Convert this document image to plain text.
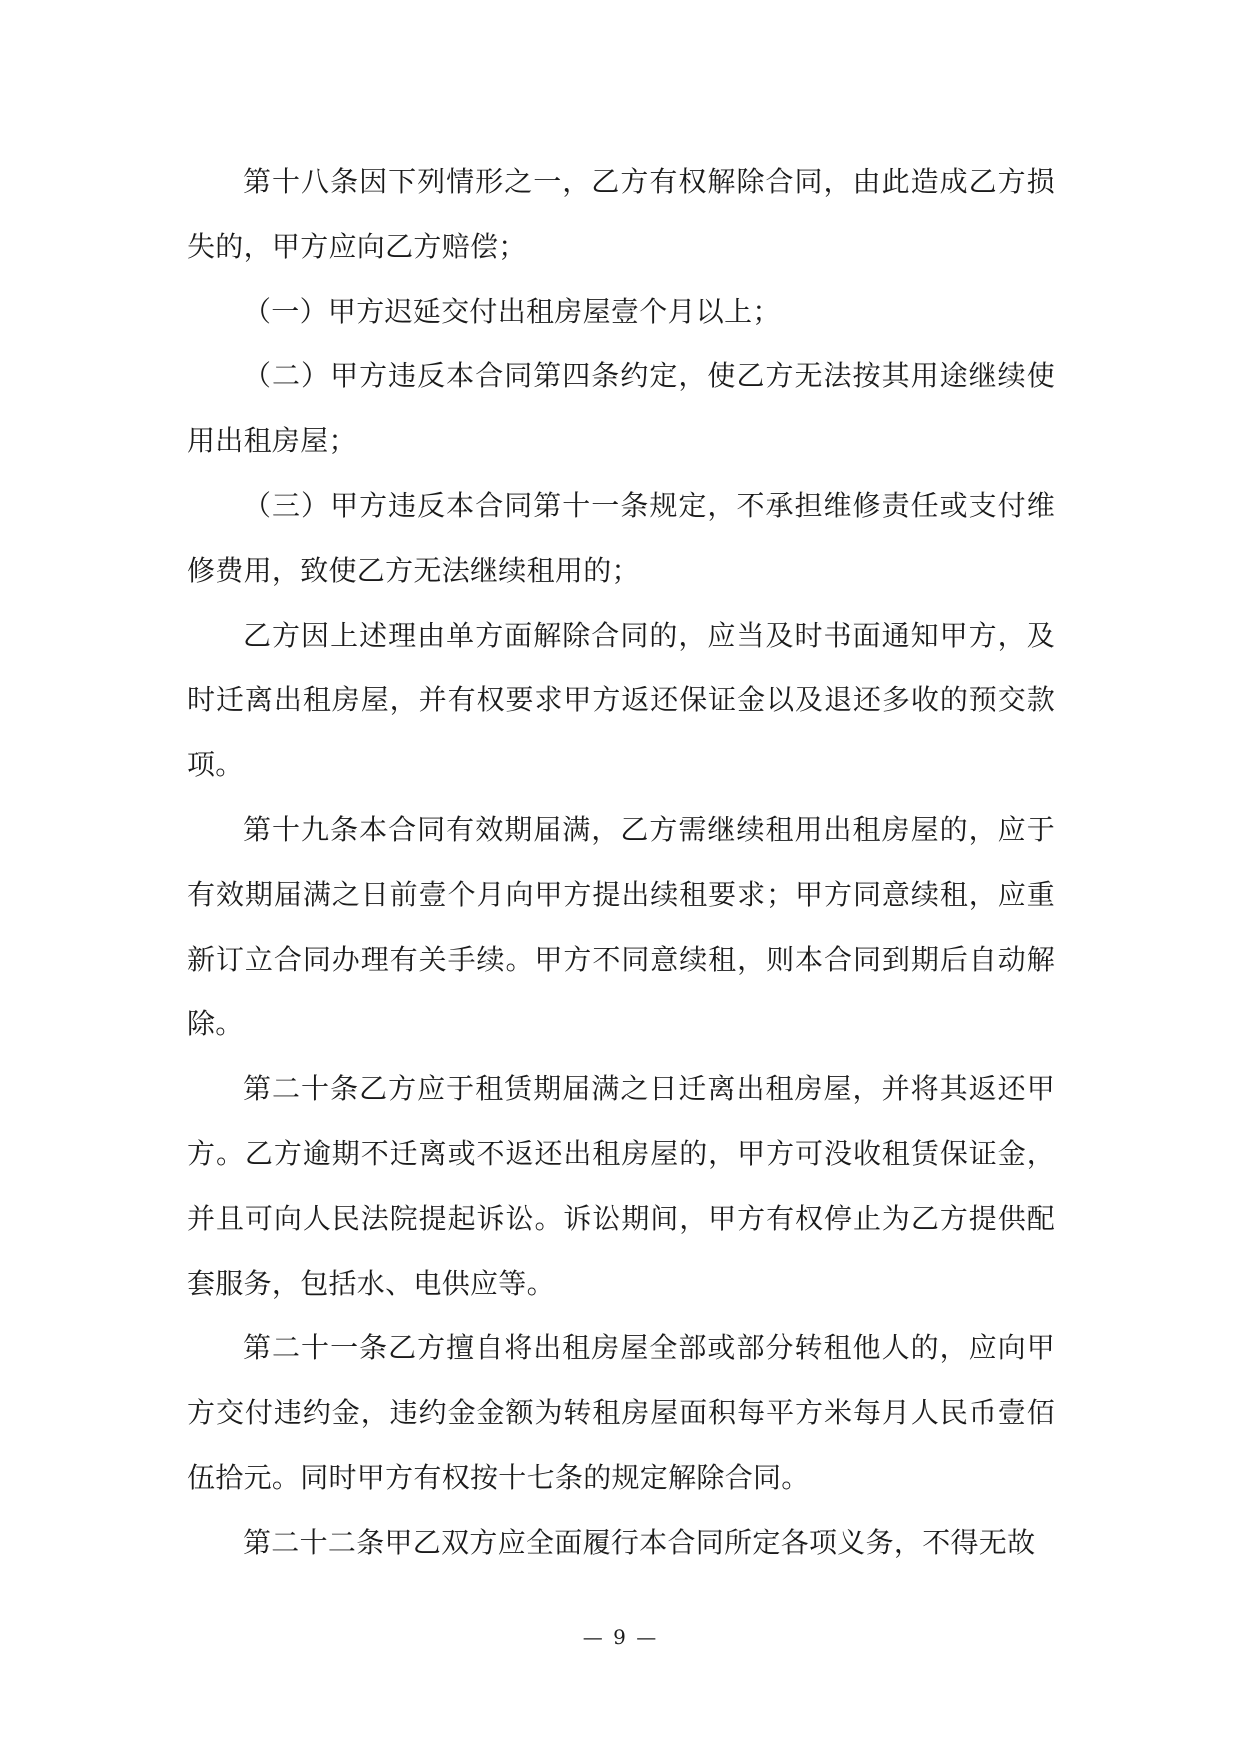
第十八条因下列情形之一，乙方有权解除合同，由此造成乙方损失的，甲方应向乙方赔偿；

（一）甲方迟延交付出租房屋壹个月以上；

（二）甲方违反本合同第四条约定，使乙方无法按其用途继续使用出租房屋；

（三）甲方违反本合同第十一条规定，不承担维修责任或支付维修费用，致使乙方无法继续租用的；

乙方因上述理由单方面解除合同的，应当及时书面通知甲方，及时迁离出租房屋，并有权要求甲方返还保证金以及退还多收的预交款项。

第十九条本合同有效期届满，乙方需继续租用出租房屋的，应于有效期届满之日前壹个月向甲方提出续租要求；甲方同意续租，应重新订立合同办理有关手续。甲方不同意续租，则本合同到期后自动解除。

第二十条乙方应于租赁期届满之日迁离出租房屋，并将其返还甲方。乙方逾期不迁离或不返还出租房屋的，甲方可没收租赁保证金，并且可向人民法院提起诉讼。诉讼期间，甲方有权停止为乙方提供配套服务，包括水、电供应等。

第二十一条乙方擅自将出租房屋全部或部分转租他人的，应向甲方交付违约金，违约金金额为转租房屋面积每平方米每月人民币壹佰伍拾元。同时甲方有权按十七条的规定解除合同。

第二十二条甲乙双方应全面履行本合同所定各项义务，不得无故

— 9 —
